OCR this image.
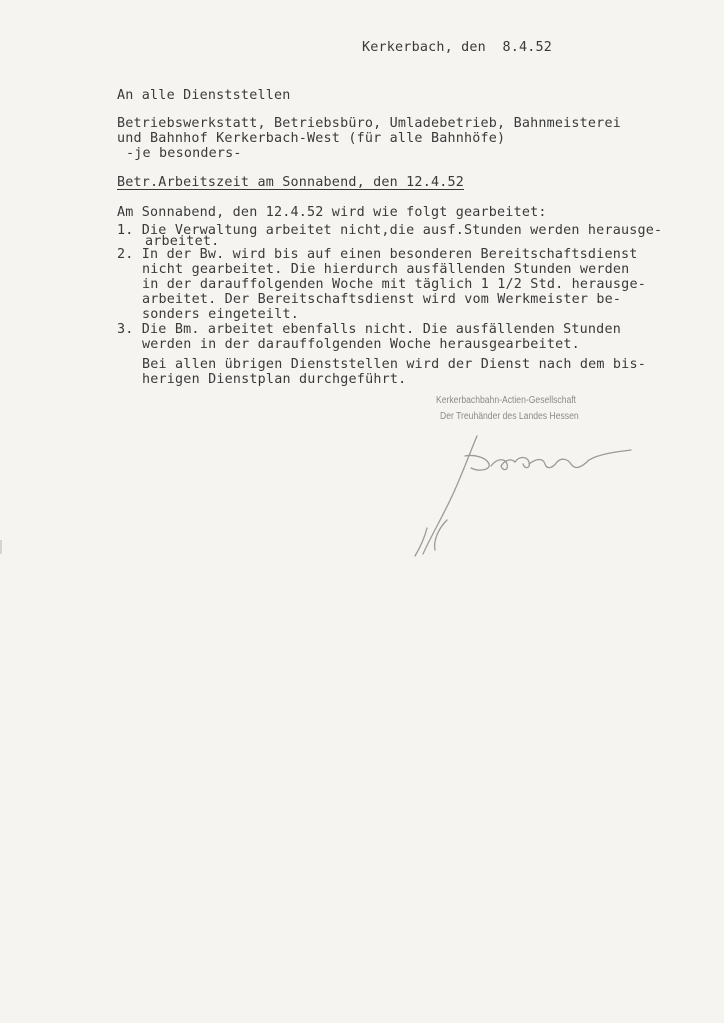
Kerkerbach, den  8.4.52
An alle Dienststellen
Betriebswerkstatt, Betriebsbüro, Umladebetrieb, Bahnmeisterei
und Bahnhof Kerkerbach-West (für alle Bahnhöfe)
-je besonders-
Betr.Arbeitszeit am Sonnabend, den 12.4.52
Am Sonnabend, den 12.4.52 wird wie folgt gearbeitet:
1. Die Verwaltung arbeitet nicht,die ausf.Stunden werden herausge-
arbeitet.
2. In der Bw. wird bis auf einen besonderen Bereitschaftsdienst
nicht gearbeitet. Die hierdurch ausfällenden Stunden werden
in der darauffolgenden Woche mit täglich 1 1/2 Std. herausge-
arbeitet. Der Bereitschaftsdienst wird vom Werkmeister be-
sonders eingeteilt.
3. Die Bm. arbeitet ebenfalls nicht. Die ausfällenden Stunden
werden in der darauffolgenden Woche herausgearbeitet.
Bei allen übrigen Dienststellen wird der Dienst nach dem bis-
herigen Dienstplan durchgeführt.
Kerkerbachbahn-Actien-Gesellschaft
Der Treuhänder des Landes Hessen
